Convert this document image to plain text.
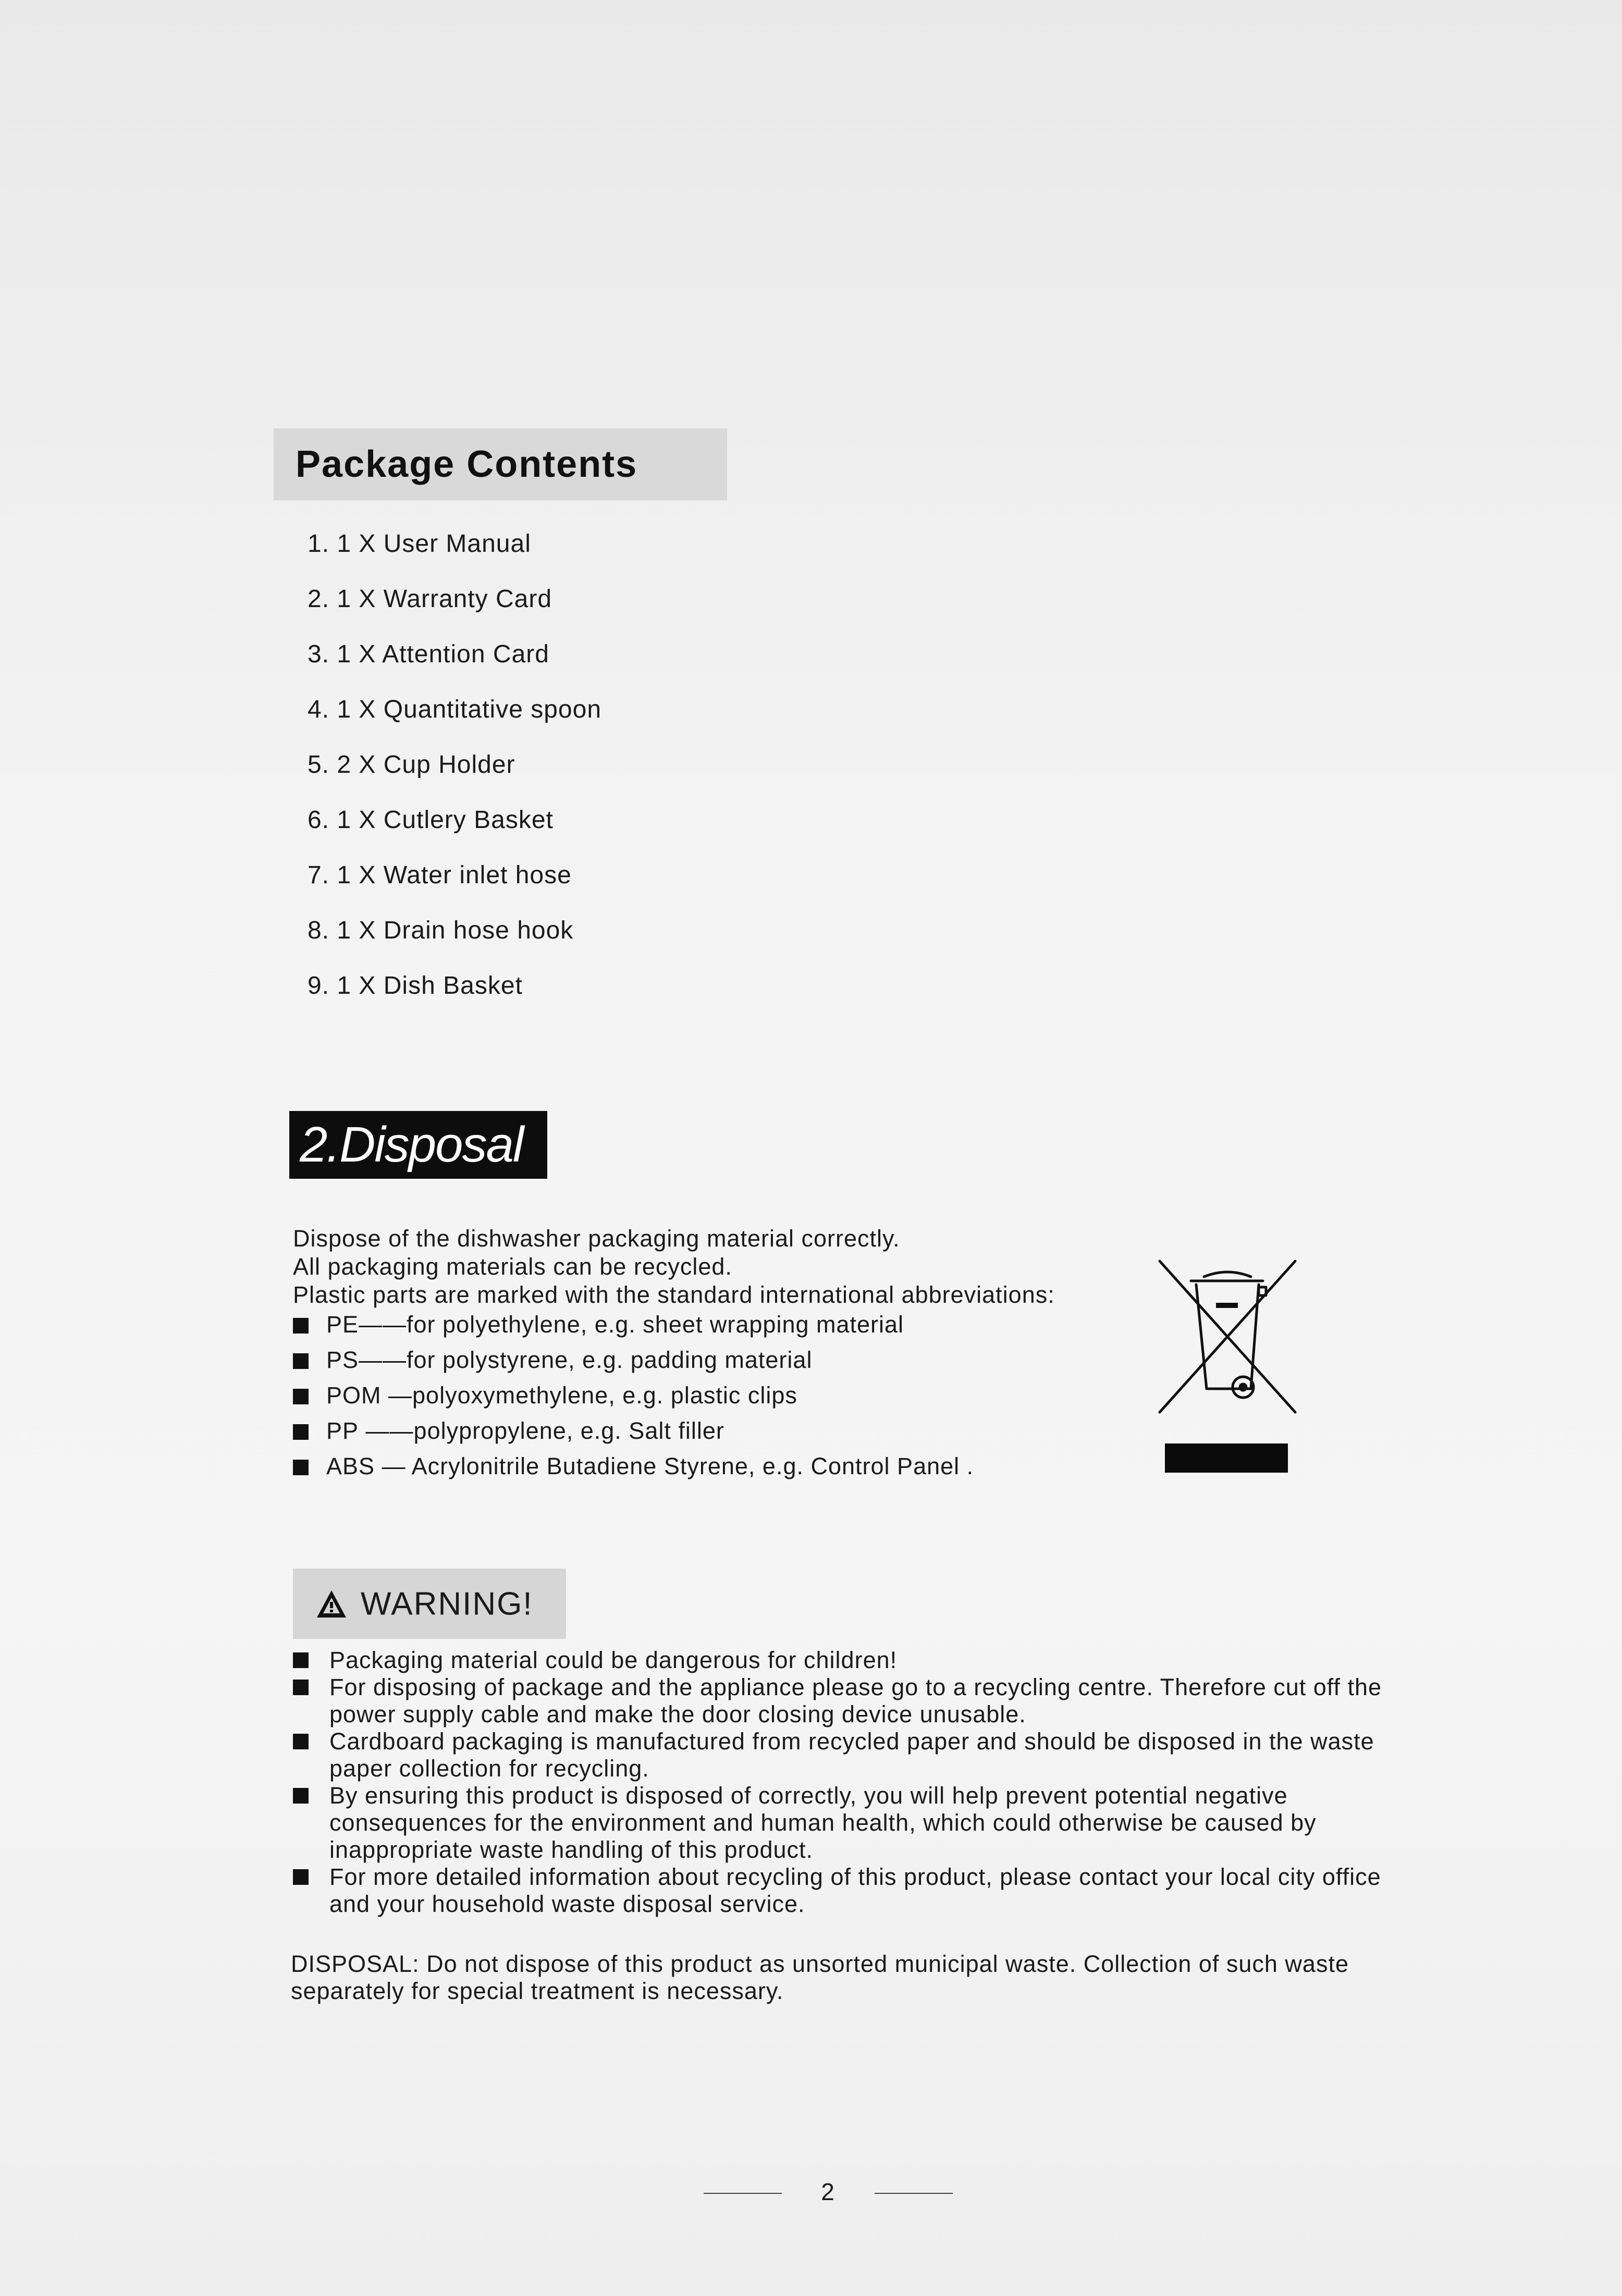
Package Contents
1. 1 X User Manual
2. 1 X Warranty Card
3. 1 X Attention Card
4. 1 X Quantitative spoon
5. 2 X Cup Holder
6. 1 X Cutlery Basket
7. 1 X Water inlet hose
8. 1 X Drain hose hook
9. 1 X Dish Basket
2.Disposal

Dispose of the dishwasher packaging material correctly.

All packaging materials can be recycled.

Plastic parts are marked with the standard international abbreviations:

PE——for polyethylene, e.g. sheet wrapping material
PS——for polystyrene, e.g. padding material
POM —polyoxymethylene, e.g. plastic clips
PP ——polypropylene, e.g. Salt filler
ABS — Acrylonitrile Butadiene Styrene, e.g. Control Panel .
WARNING!
Packaging material could be dangerous for children!
For disposing of package and the appliance please go to a recycling centre. Therefore cut off the power supply cable and make the door closing device unusable.
Cardboard packaging is manufactured from recycled paper and should be disposed in the waste paper collection for recycling.
By ensuring this product is disposed of correctly, you will help prevent potential negative consequences for the environment and human health, which could otherwise be caused by inappropriate waste handling of this product.
For more detailed information about recycling of this product, please contact your local city office and your household waste disposal service.

DISPOSAL: Do not dispose of this product as unsorted municipal waste. Collection of such waste separately for special treatment is necessary.

2
